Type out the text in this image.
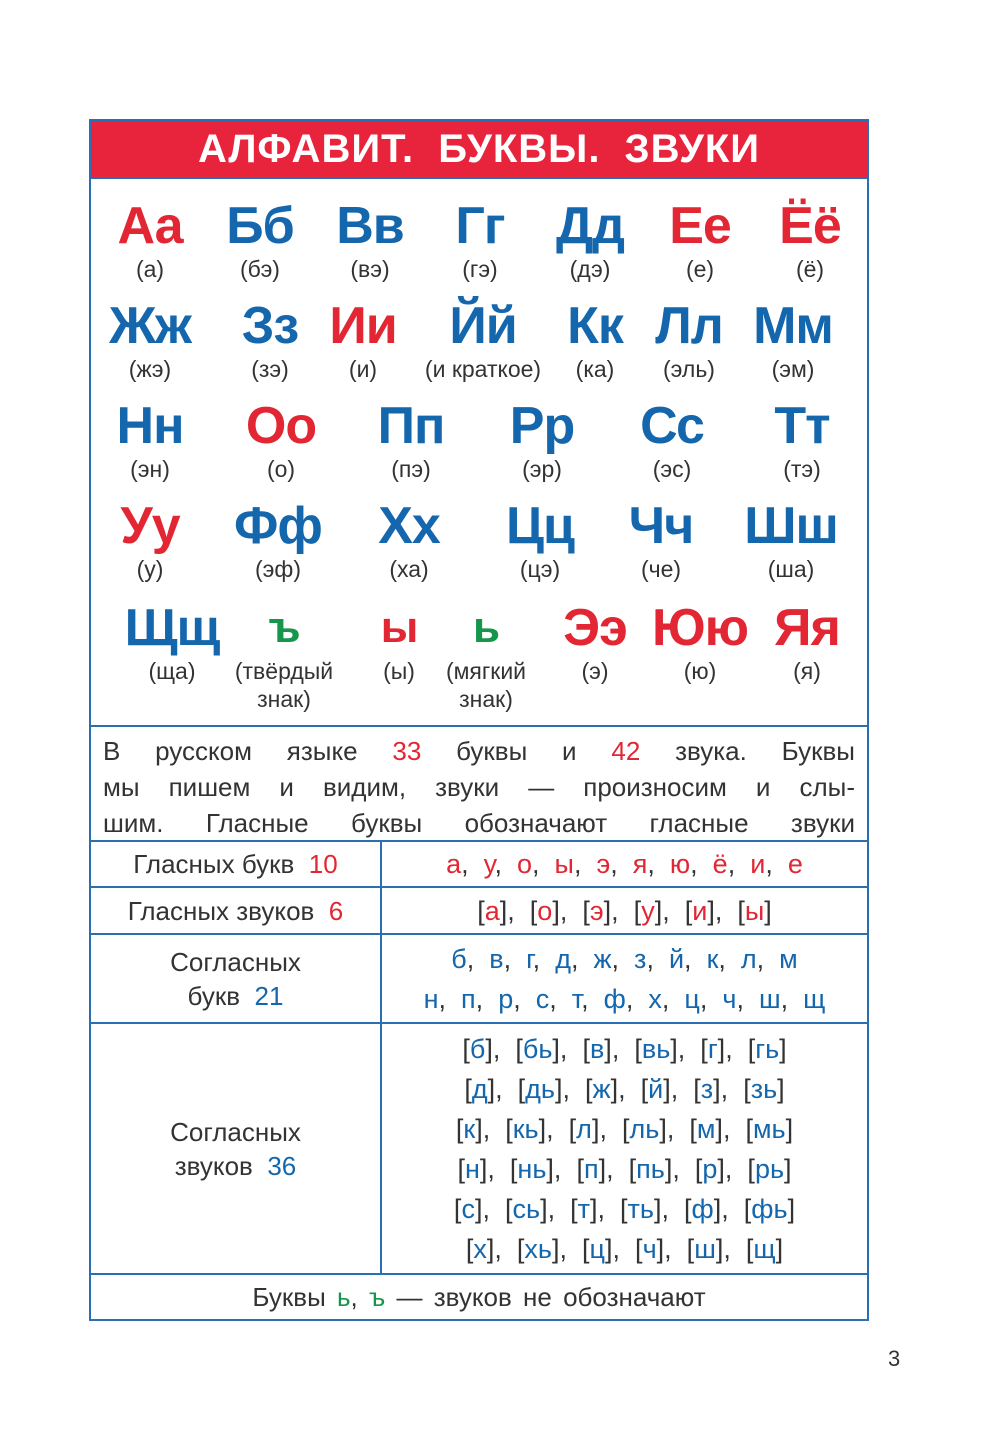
АЛФАВИТ. БУКВЫ. ЗВУКИ
Аа
(а)
Бб
(бэ)
Вв
(вэ)
Гг
(гэ)
Дд
(дэ)
Ее
(е)
Ёё
(ё)
Жж
(жэ)
Зз
(зэ)
Ии
(и)
Йй
(и краткое)
Кк
(ка)
Лл
(эль)
Мм
(эм)
Нн
(эн)
Оо
(о)
Пп
(пэ)
Рр
(эр)
Сс
(эс)
Тт
(тэ)
Уу
(у)
Фф
(эф)
Хх
(ха)
Цц
(цэ)
Чч
(че)
Шш
(ша)
Щщ
(ща)
ъ
(твёрдый
знак)
ы
(ы)
ь
(мягкий
знак)
Ээ
(э)
Юю
(ю)
Яя
(я)
В русском языке 33 буквы и 42 звука. Буквы
мы пишем и видим, звуки — произносим и слы-
шим. Гласные буквы обозначают гласные звуки
Гласных букв
10	а,  у,  о,  ы,  э,  я,  ю,  ё,  и,  е
Гласных звуков
6	[а],  [о],  [э],  [у],  [и],  [ы]
Согласных
букв 21
б,  в,  г,  д,  ж,  з,  й,  к,  л,  м
н,  п,  р,  с,  т,  ф,  х,  ц,  ч,  ш,  щ
Согласных
звуков 36
[б],  [бь],  [в],  [вь],  [г],  [гь]
[д],  [дь],  [ж],  [й],  [з],  [зь]
[к],  [кь],  [л],  [ль],  [м],  [мь]
[н],  [нь],  [п],  [пь],  [р],  [рь]
[с],  [сь],  [т],  [ть],  [ф],  [фь]
[х],  [хь],  [ц],  [ч],  [ш],  [щ]
Буквы
ь , ъ
— звуков не обозначают
3
